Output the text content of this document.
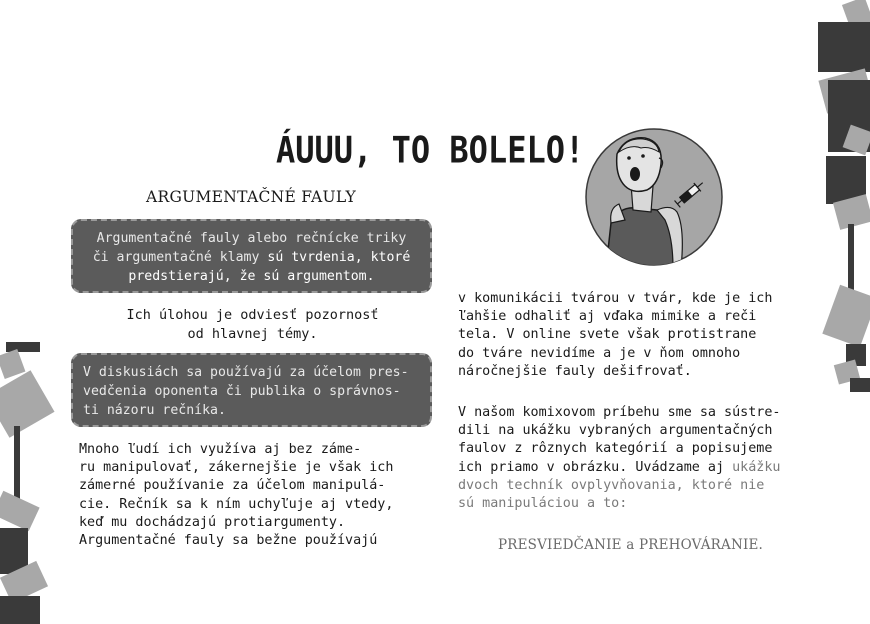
ÁUUU, TO BOLELO!
ARGUMENTAČNÉ FAULY
Argumentačné fauly alebo rečnícke triky
či argumentačné klamy sú tvrdenia, ktoré
predstierajú, že sú argumentom.
Ich úlohou je odviesť pozornosť
od hlavnej témy.
V diskusiách sa používajú za účelom pres-
vedčenia oponenta či publika o správnos-
ti názoru rečníka.
Mnoho ľudí ich využíva aj bez záme-
ru manipulovať, zákernejšie je však ich
zámerné používanie za účelom manipulá-
cie. Rečník sa k ním uchyľuje aj vtedy,
keď mu dochádzajú protiargumenty.
Argumentačné fauly sa bežne používajú
v komunikácii tvárou v tvár, kde je ich
ľahšie odhaliť aj vďaka mimike a reči
tela. V online svete však protistrane
do tváre nevidíme a je v ňom omnoho
náročnejšie fauly dešifrovať.
V našom komixovom príbehu sme sa sústre-
dili na ukážku vybraných argumentačných
faulov z rôznych kategórií a popisujeme
ich priamo v obrázku. Uvádzame aj ukážku
dvoch techník ovplyvňovania, ktoré nie
sú manipuláciou a to:
PRESVIEDČANIE a PREHOVÁRANIE.
